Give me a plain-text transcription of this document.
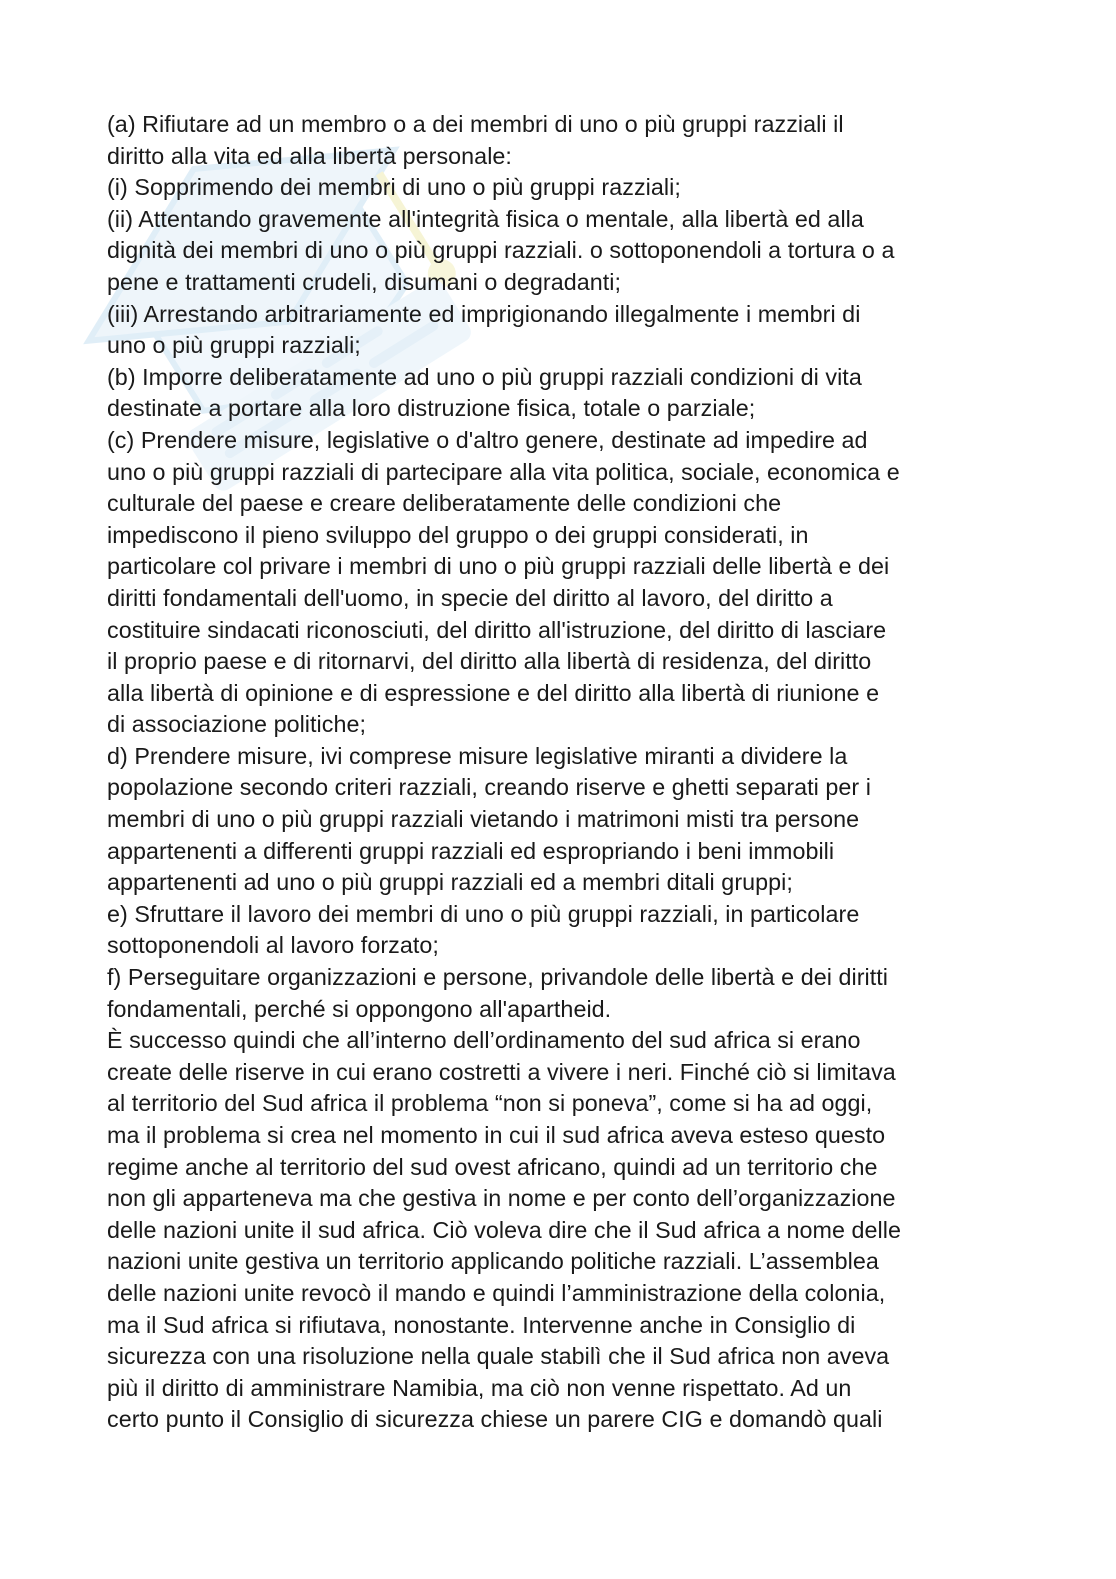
(a) Rifiutare ad un membro o a dei membri di uno o più gruppi razziali il
diritto alla vita ed alla libertà personale:
(i) Sopprimendo dei membri di uno o più gruppi razziali;
(ii) Attentando gravemente all'integrità fisica o mentale, alla libertà ed alla
dignità dei membri di uno o più gruppi razziali. o sottoponendoli a tortura o a
pene e trattamenti crudeli, disumani o degradanti;
(iii) Arrestando arbitrariamente ed imprigionando illegalmente i membri di
uno o più gruppi razziali;
(b) Imporre deliberatamente ad uno o più gruppi razziali condizioni di vita
destinate a portare alla loro distruzione fisica, totale o parziale;
(c) Prendere misure, legislative o d'altro genere, destinate ad impedire ad
uno o più gruppi razziali di partecipare alla vita politica, sociale, economica e
culturale del paese e creare deliberatamente delle condizioni che
impediscono il pieno sviluppo del gruppo o dei gruppi considerati, in
particolare col privare i membri di uno o più gruppi razziali delle libertà e dei
diritti fondamentali dell'uomo, in specie del diritto al lavoro, del diritto a
costituire sindacati riconosciuti, del diritto all'istruzione, del diritto di lasciare
il proprio paese e di ritornarvi, del diritto alla libertà di residenza, del diritto
alla libertà di opinione e di espressione e del diritto alla libertà di riunione e
di associazione politiche;
d) Prendere misure, ivi comprese misure legislative miranti a dividere la
popolazione secondo criteri razziali, creando riserve e ghetti separati per i
membri di uno o più gruppi razziali vietando i matrimoni misti tra persone
appartenenti a differenti gruppi razziali ed espropriando i beni immobili
appartenenti ad uno o più gruppi razziali ed a membri ditali gruppi;
e) Sfruttare il lavoro dei membri di uno o più gruppi razziali, in particolare
sottoponendoli al lavoro forzato;
f) Perseguitare organizzazioni e persone, privandole delle libertà e dei diritti
fondamentali, perché si oppongono all'apartheid.
È successo quindi che all’interno dell’ordinamento del sud africa si erano
create delle riserve in cui erano costretti a vivere i neri. Finché ciò si limitava
al territorio del Sud africa il problema “non si poneva”, come si ha ad oggi,
ma il problema si crea nel momento in cui il sud africa aveva esteso questo
regime anche al territorio del sud ovest africano, quindi ad un territorio che
non gli apparteneva ma che gestiva in nome e per conto dell’organizzazione
delle nazioni unite il sud africa. Ciò voleva dire che il Sud africa a nome delle
nazioni unite gestiva un territorio applicando politiche razziali. L’assemblea
delle nazioni unite revocò il mando e quindi l’amministrazione della colonia,
ma il Sud africa si rifiutava, nonostante. Intervenne anche in Consiglio di
sicurezza con una risoluzione nella quale stabilì che il Sud africa non aveva
più il diritto di amministrare Namibia, ma ciò non venne rispettato. Ad un
certo punto il Consiglio di sicurezza chiese un parere CIG e domandò quali
